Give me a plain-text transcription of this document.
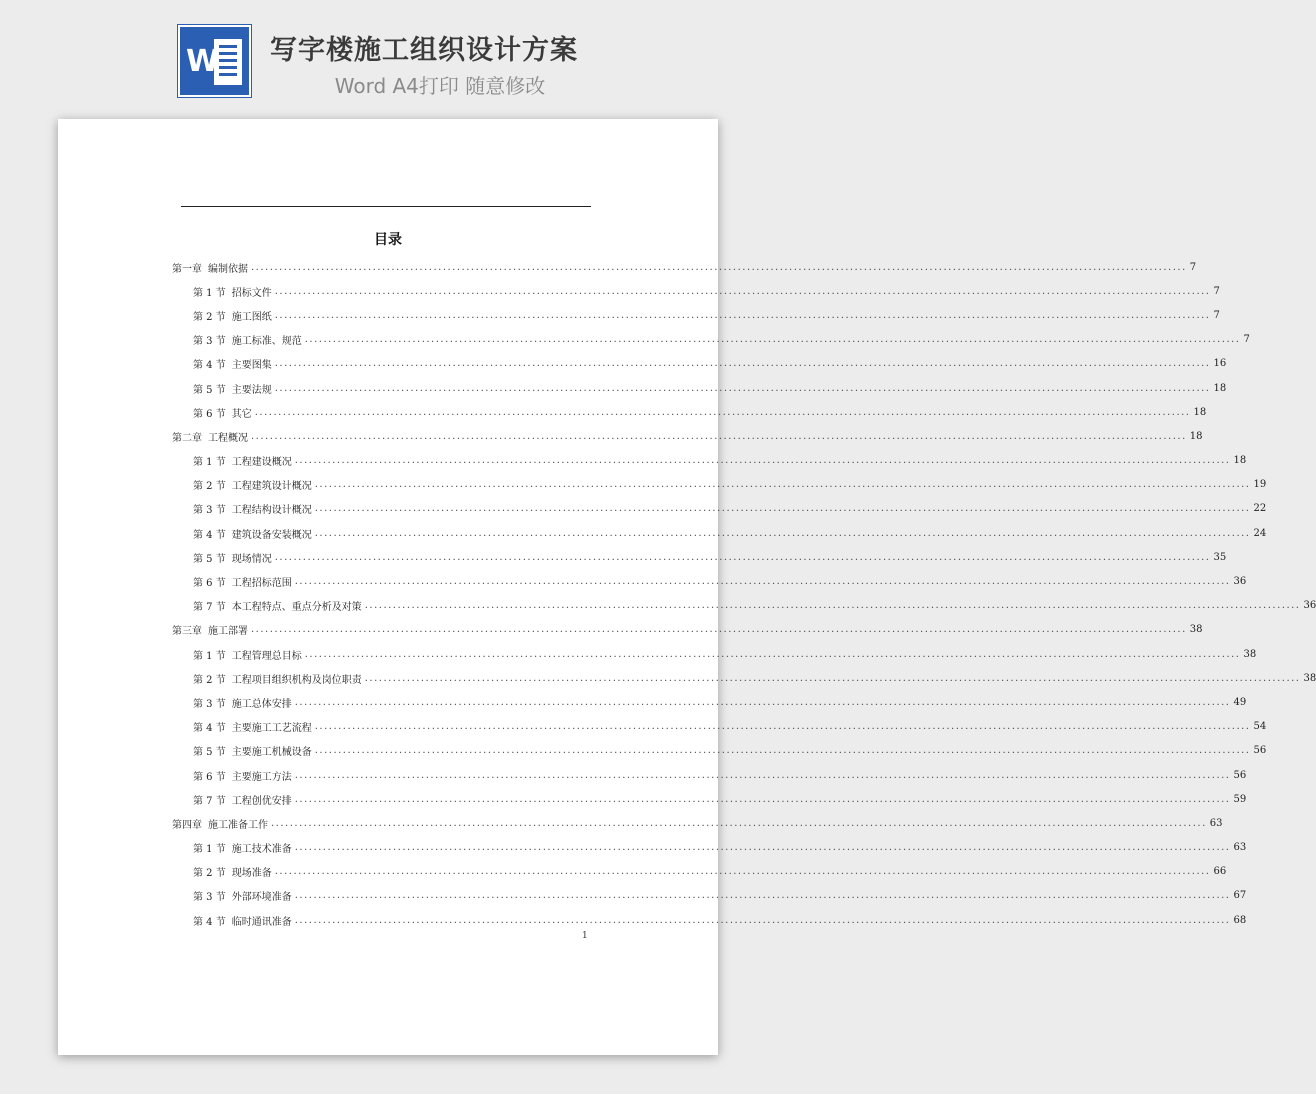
W 写字楼施工组织设计方案
Word A4打印 随意修改
目录
第一章 编制依据 ........................................................................................................................................................................................................ 7
第 1 节 招标文件 ........................................................................................................................................................................................................ 7
第 2 节 施工图纸 ........................................................................................................................................................................................................ 7
第 3 节 施工标准、规范 ........................................................................................................................................................................................................ 7
第 4 节 主要图集 ........................................................................................................................................................................................................ 16
第 5 节 主要法规 ........................................................................................................................................................................................................ 18
第 6 节 其它 ........................................................................................................................................................................................................ 18
第二章 工程概况 ........................................................................................................................................................................................................ 18
第 1 节 工程建设概况 ........................................................................................................................................................................................................ 18
第 2 节 工程建筑设计概况 ........................................................................................................................................................................................................ 19
第 3 节 工程结构设计概况 ........................................................................................................................................................................................................ 22
第 4 节 建筑设备安装概况 ........................................................................................................................................................................................................ 24
第 5 节 现场情况 ........................................................................................................................................................................................................ 35
第 6 节 工程招标范围 ........................................................................................................................................................................................................ 36
第 7 节 本工程特点、重点分析及对策 ........................................................................................................................................................................................................ 36
第三章 施工部署 ........................................................................................................................................................................................................ 38
第 1 节 工程管理总目标 ........................................................................................................................................................................................................ 38
第 2 节 工程项目组织机构及岗位职责 ........................................................................................................................................................................................................ 38
第 3 节 施工总体安排 ........................................................................................................................................................................................................ 49
第 4 节 主要施工工艺流程 ........................................................................................................................................................................................................ 54
第 5 节 主要施工机械设备 ........................................................................................................................................................................................................ 56
第 6 节 主要施工方法 ........................................................................................................................................................................................................ 56
第 7 节 工程创优安排 ........................................................................................................................................................................................................ 59
第四章 施工准备工作 ........................................................................................................................................................................................................ 63
第 1 节 施工技术准备 ........................................................................................................................................................................................................ 63
第 2 节 现场准备 ........................................................................................................................................................................................................ 66
第 3 节 外部环境准备 ........................................................................................................................................................................................................ 67
第 4 节 临时通讯准备 ........................................................................................................................................................................................................ 68
1
